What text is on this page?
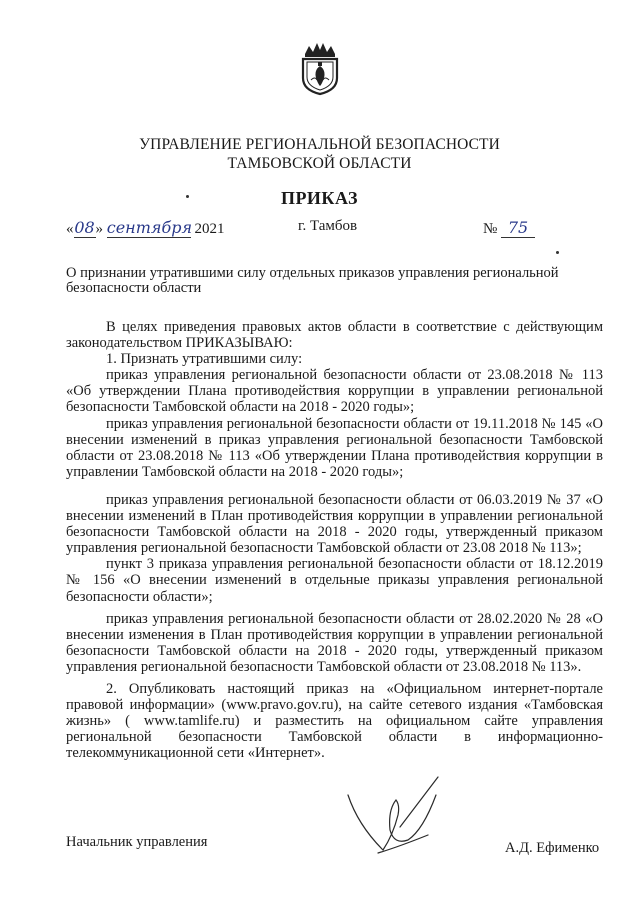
УПРАВЛЕНИЕ РЕГИОНАЛЬНОЙ БЕЗОПАСНОСТИ
ТАМБОВСКОЙ ОБЛАСТИ
ПРИКАЗ
«08» сентября 2021	г. Тамбов	№ 75
О признании утратившими силу отдельных приказов управления региональной безопасности области
В целях приведения правовых актов области в соответствие с действующим законодательством ПРИКАЗЫВАЮ:
1. Признать утратившими силу:
приказ управления региональной безопасности области от 23.08.2018 № 113 «Об утверждении Плана противодействия коррупции в управлении региональной безопасности Тамбовской области на 2018 - 2020 годы»;
приказ управления региональной безопасности области от 19.11.2018 № 145 «О внесении изменений в приказ управления региональной безопасности Тамбовской области от 23.08.2018 № 113 «Об утверждении Плана противодействия коррупции в управлении Тамбовской области на 2018 - 2020 годы»;
приказ управления региональной безопасности области от 06.03.2019 № 37 «О внесении изменений в План противодействия коррупции в управлении региональной безопасности Тамбовской области на 2018 - 2020 годы, утвержденный приказом управления региональной безопасности Тамбовской области от 23.08 2018 № 113»;
пункт 3 приказа управления региональной безопасности области от 18.12.2019 № 156 «О внесении изменений в отдельные приказы управления региональной безопасности области»;
приказ управления региональной безопасности области от 28.02.2020 № 28 «О внесении изменения в План противодействия коррупции в управлении региональной безопасности Тамбовской области на 2018 - 2020 годы, утвержденный приказом управления региональной безопасности Тамбовской области от 23.08.2018 № 113».
2. Опубликовать настоящий приказ на «Официальном интернет-портале правовой информации» (www.pravo.gov.ru), на сайте сетевого издания «Тамбовская жизнь» ( www.tamlife.ru) и разместить на официальном сайте управления региональной безопасности Тамбовской области в информационно-телекоммуникационной сети «Интернет».
Начальник управления	А.Д. Ефименко
